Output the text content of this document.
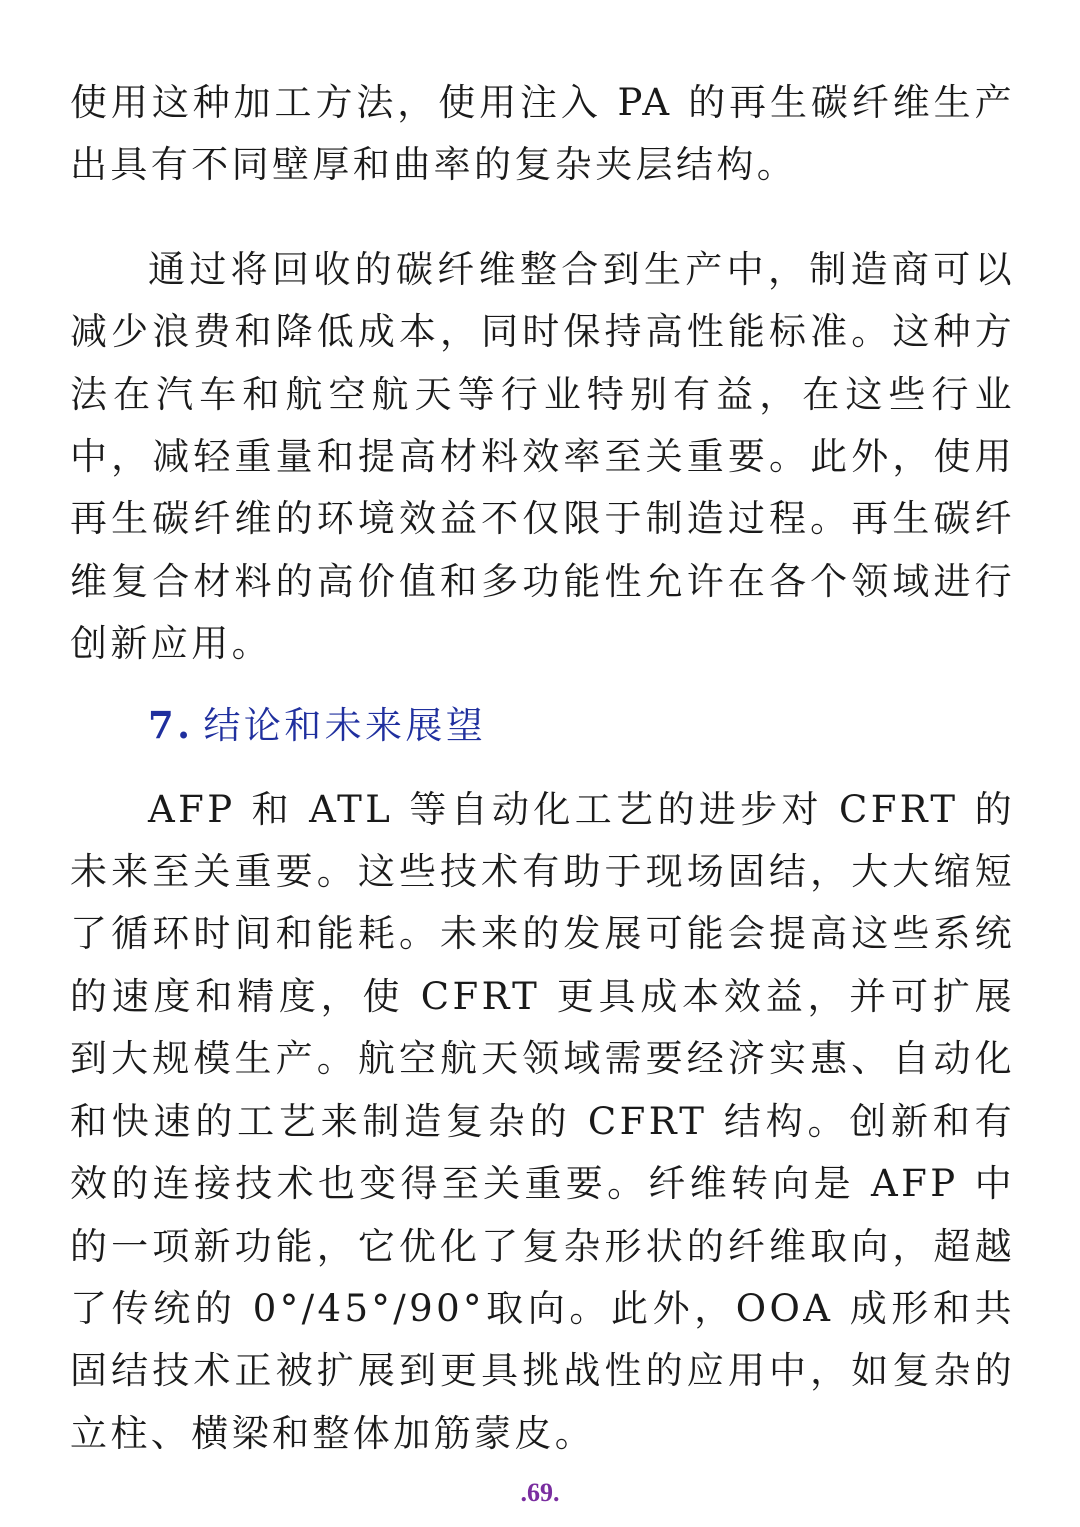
使用这种加工方法，使用注入 PA 的再生碳纤维生产出具有不同壁厚和曲率的复杂夹层结构。

通过将回收的碳纤维整合到生产中，制造商可以减少浪费和降低成本，同时保持高性能标准。这种方法在汽车和航空航天等行业特别有益，在这些行业中，减轻重量和提高材料效率至关重要。此外，使用再生碳纤维的环境效益不仅限于制造过程。再生碳纤维复合材料的高价值和多功能性允许在各个领域进行创新应用。

7. 结论和未来展望

AFP 和 ATL 等自动化工艺的进步对 CFRT 的未来至关重要。这些技术有助于现场固结，大大缩短了循环时间和能耗。未来的发展可能会提高这些系统的速度和精度，使 CFRT 更具成本效益，并可扩展到大规模生产。航空航天领域需要经济实惠、自动化和快速的工艺来制造复杂的 CFRT 结构。创新和有效的连接技术也变得至关重要。纤维转向是 AFP 中的一项新功能，它优化了复杂形状的纤维取向，超越了传统的 0°/45°/90°取向。此外，OOA 成形和共固结技术正被扩展到更具挑战性的应用中，如复杂的立柱、横梁和整体加筋蒙皮。

.69.
